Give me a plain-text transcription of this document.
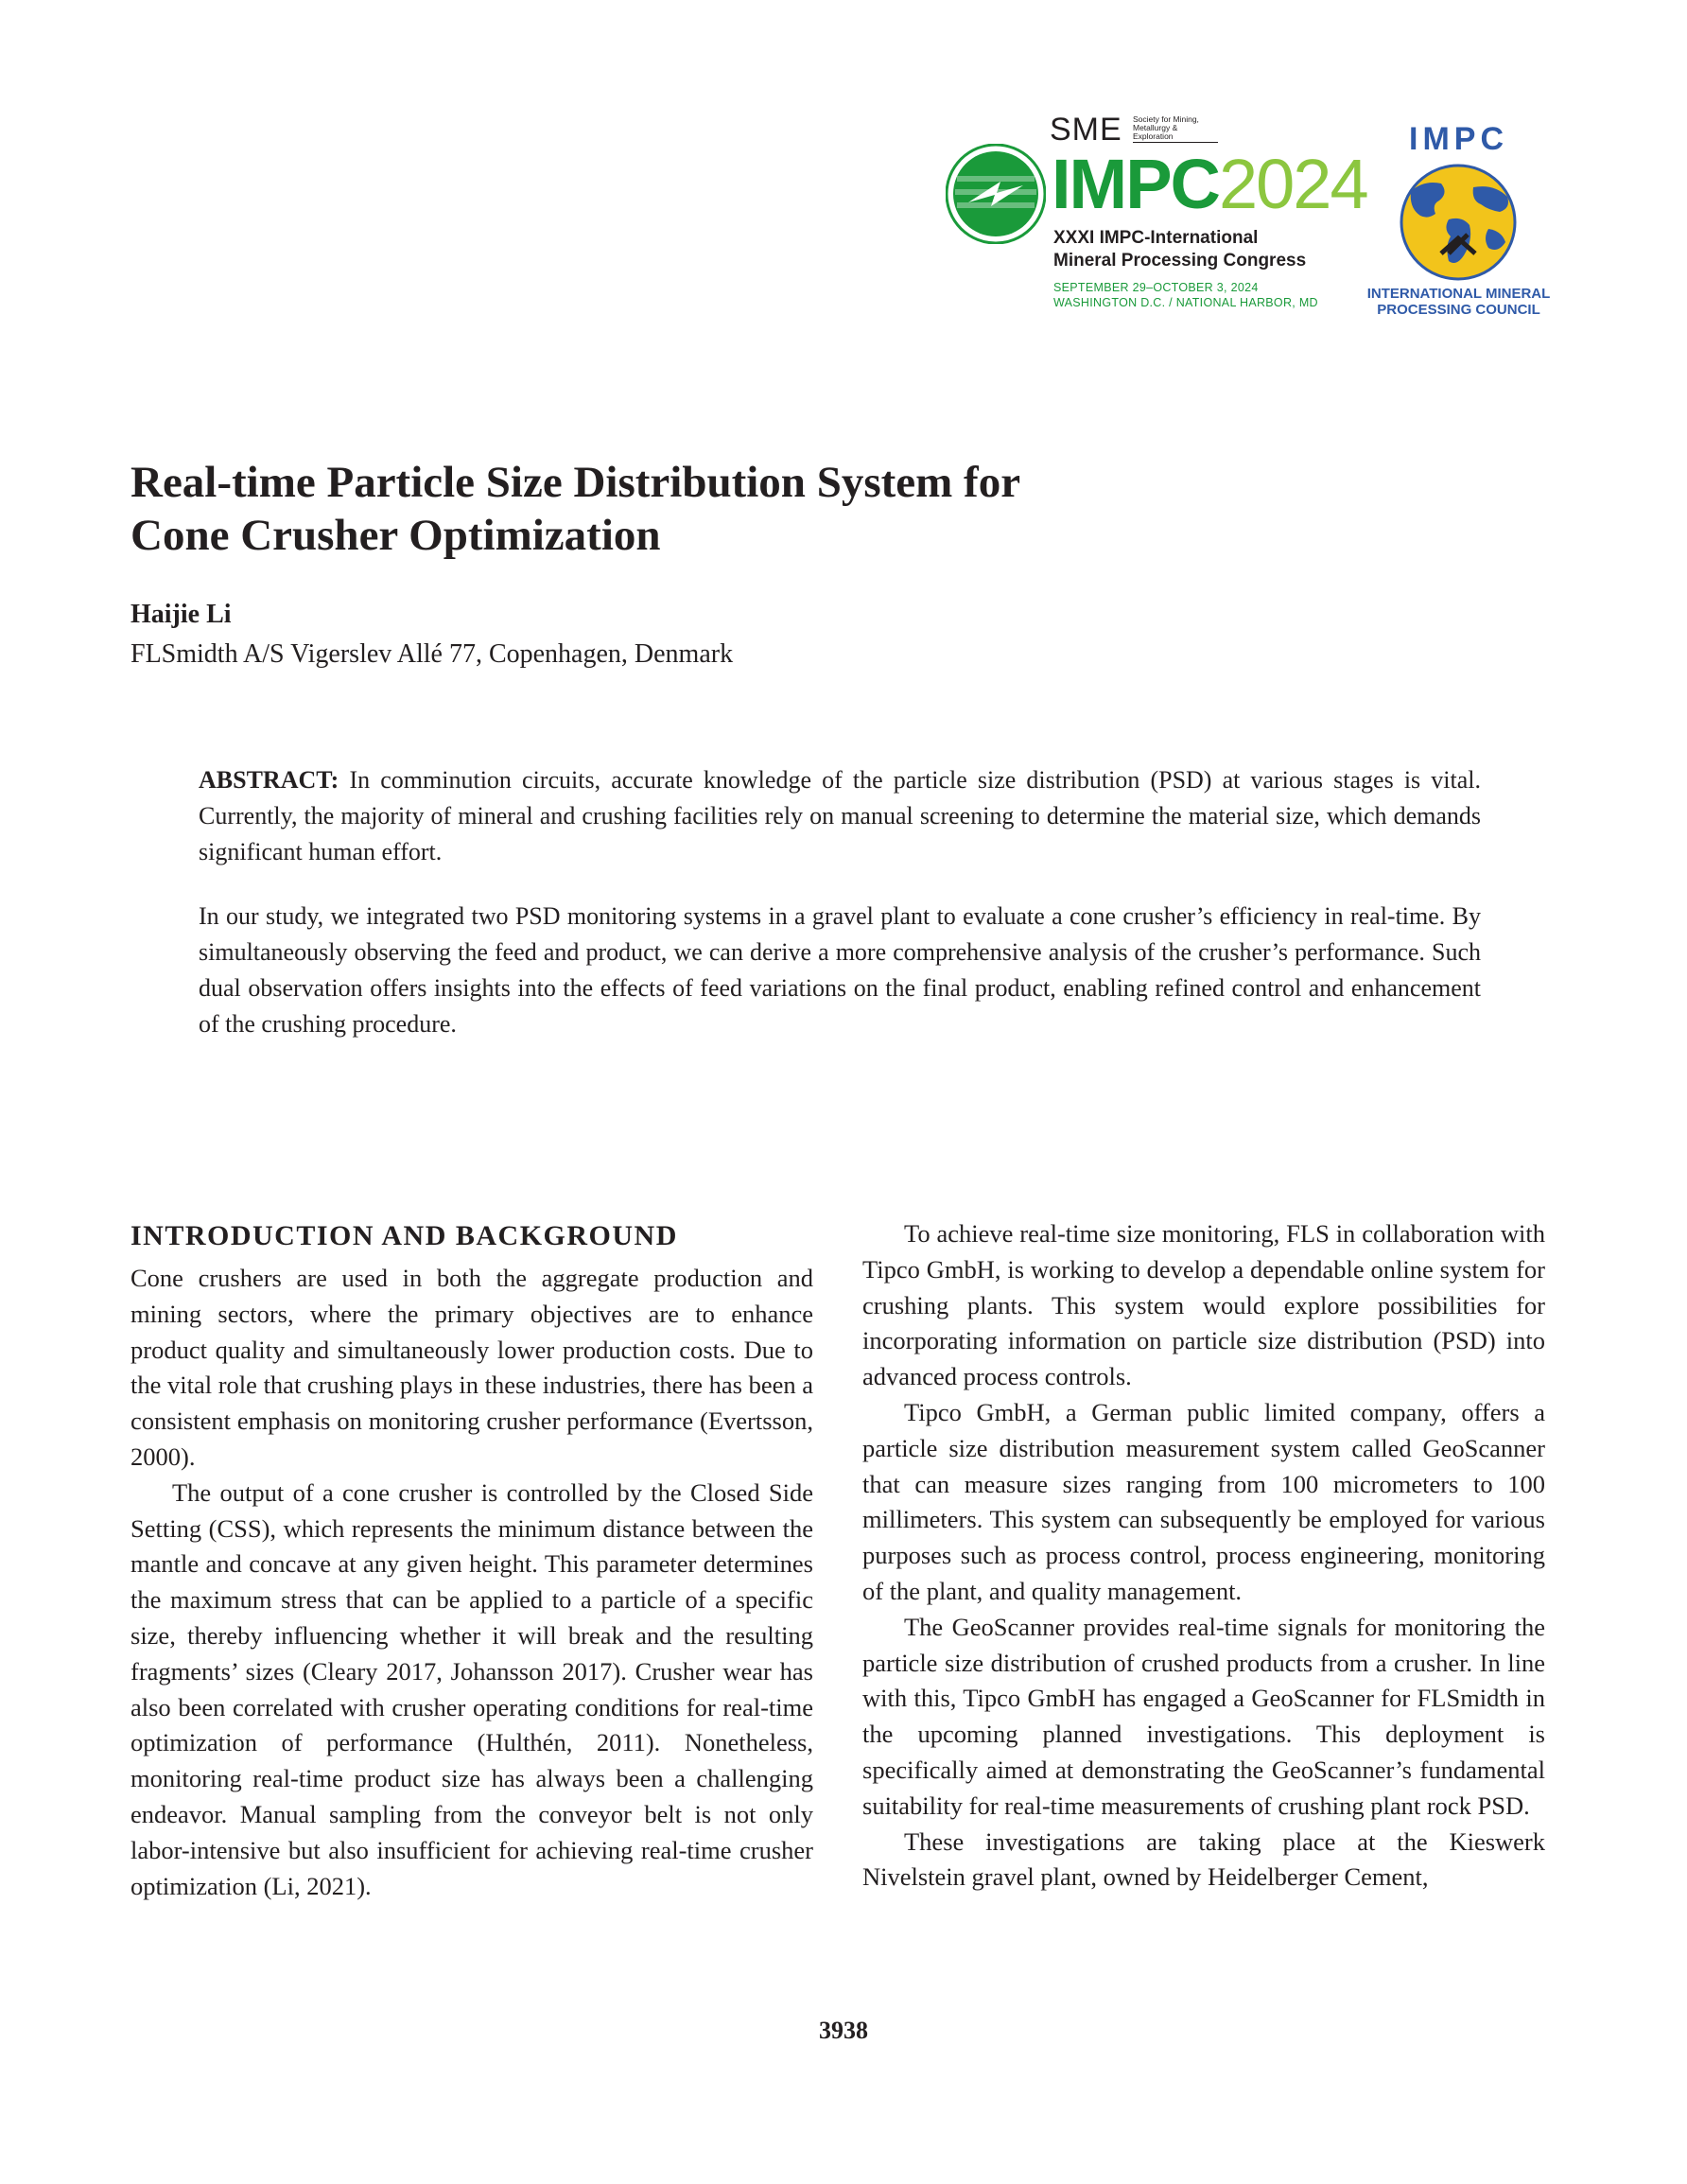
SME Society for Mining, Metallurgy & Exploration
IMPC2024
XXXI IMPC-International
Mineral Processing Congress
SEPTEMBER 29–OCTOBER 3, 2024
WASHINGTON D.C. / NATIONAL HARBOR, MD
IMPC
INTERNATIONAL MINERAL
PROCESSING COUNCIL
Real-time Particle Size Distribution System for
Cone Crusher Optimization
Haijie Li
FLSmidth A/S Vigerslev Allé 77, Copenhagen, Denmark

ABSTRACT: In comminution circuits, accurate knowledge of the particle size distribution (PSD) at various stages is vital. Currently, the majority of mineral and crushing facilities rely on manual screening to determine the material size, which demands significant human effort.

In our study, we integrated two PSD monitoring systems in a gravel plant to evaluate a cone crusher’s efficiency in real-time. By simultaneously observing the feed and product, we can derive a more comprehensive analysis of the crusher’s performance. Such dual observation offers insights into the effects of feed variations on the final product, enabling refined control and enhancement of the crushing procedure.

INTRODUCTION AND BACKGROUND

Cone crushers are used in both the aggregate production and mining sectors, where the primary objectives are to enhance product quality and simultaneously lower production costs. Due to the vital role that crushing plays in these industries, there has been a consistent emphasis on monitoring crusher performance (Evertsson, 2000).

The output of a cone crusher is controlled by the Closed Side Setting (CSS), which represents the minimum distance between the mantle and concave at any given height. This parameter determines the maximum stress that can be applied to a particle of a specific size, thereby influencing whether it will break and the resulting fragments’ sizes (Cleary 2017, Johansson 2017). Crusher wear has also been correlated with crusher operating conditions for real-time optimization of performance (Hulthén, 2011). Nonetheless, monitoring real-time product size has always been a challenging endeavor. Manual sampling from the conveyor belt is not only labor-intensive but also insufficient for achieving real-time crusher optimization (Li, 2021).

To achieve real-time size monitoring, FLS in collaboration with Tipco GmbH, is working to develop a dependable online system for crushing plants. This system would explore possibilities for incorporating information on particle size distribution (PSD) into advanced process controls.

Tipco GmbH, a German public limited company, offers a particle size distribution measurement system called GeoScanner that can measure sizes ranging from 100 micrometers to 100 millimeters. This system can subsequently be employed for various purposes such as process control, process engineering, monitoring of the plant, and quality management.

The GeoScanner provides real-time signals for monitoring the particle size distribution of crushed products from a crusher. In line with this, Tipco GmbH has engaged a GeoScanner for FLSmidth in the upcoming planned investigations. This deployment is specifically aimed at demonstrating the GeoScanner’s fundamental suitability for real-time measurements of crushing plant rock PSD.

These investigations are taking place at the Kieswerk Nivelstein gravel plant, owned by Heidelberger Cement,

3938
